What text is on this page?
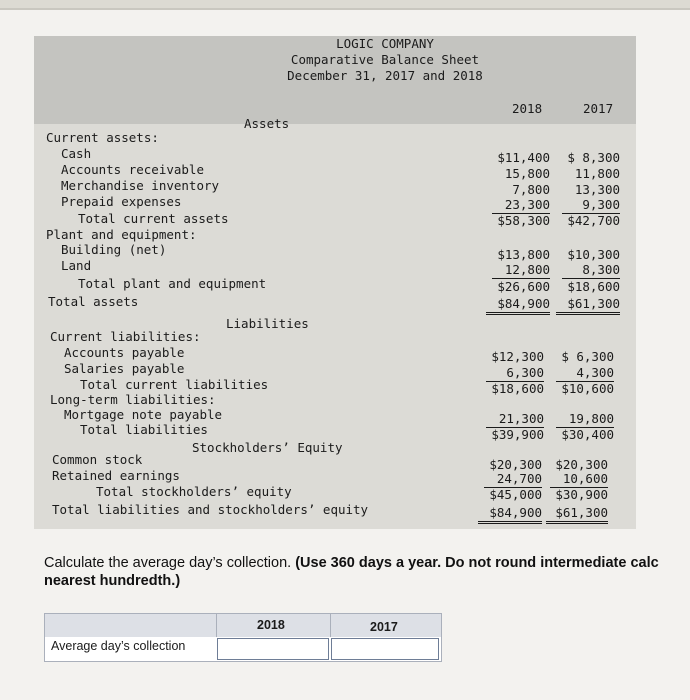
LOGIC COMPANY
Comparative Balance Sheet
December 31, 2017 and 2018
2018	2017
Assets
Current assets:
Cash	$11,400	$ 8,300
Accounts receivable	15,800	11,800
Merchandise inventory	7,800	13,300
Prepaid expenses	23,300	9,300
Total current assets	$58,300	$42,700
Plant and equipment:
Building (net)	$13,800	$10,300
Land	12,800	8,300
Total plant and equipment	$26,600	$18,600
Total assets	$84,900	$61,300
Liabilities
Current liabilities:
Accounts payable	$12,300	$ 6,300
Salaries payable	6,300	4,300
Total current liabilities	$18,600	$10,600
Long-term liabilities:
Mortgage note payable	21,300	19,800
Total liabilities	$39,900	$30,400
Stockholders’ Equity
Common stock	$20,300	$20,300
Retained earnings	24,700	10,600
Total stockholders’ equity	$45,000	$30,900
Total liabilities and stockholders’ equity	$84,900	$61,300
Calculate the average day’s collection. (Use 360 days a year. Do not round intermediate calc
nearest hundredth.)
2018	2017
Average day’s collection
